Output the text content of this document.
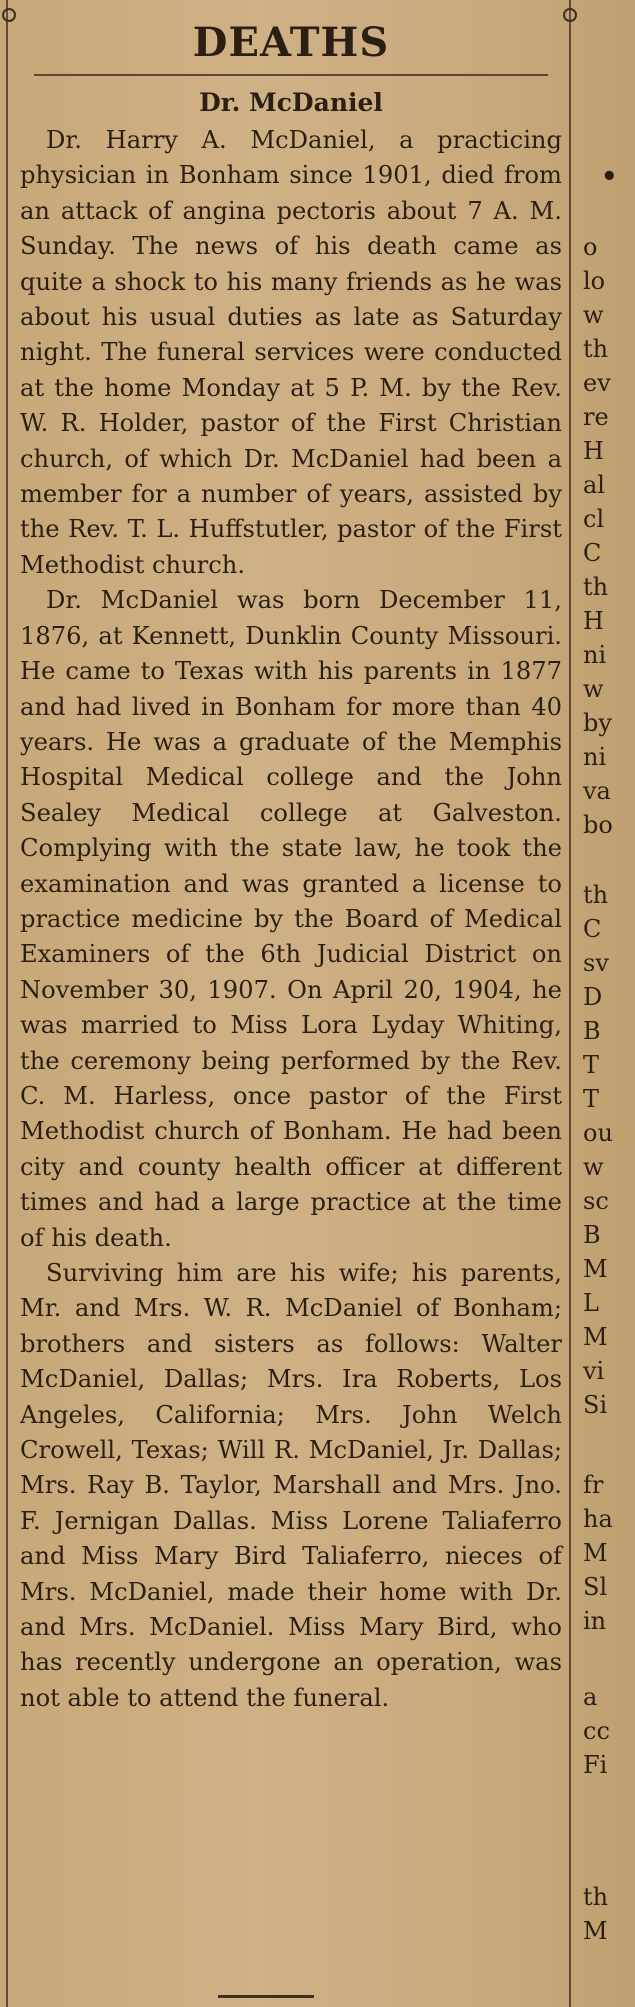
DEATHS
Dr. McDaniel

Dr. Harry A. McDaniel, a practicing physician in Bonham since 1901, died from an attack of angina pectoris about 7 A. M. Sunday. The news of his death came as quite a shock to his many friends as he was about his usual duties as late as Saturday night. The funeral services were conducted at the home Monday at 5 P. M. by the Rev. W. R. Holder, pastor of the First Christian church, of which Dr. McDaniel had been a member for a number of years, assisted by the Rev. T. L. Huffstutler, pastor of the First Methodist church.

Dr. McDaniel was born December 11, 1876, at Kennett, Dunklin County Missouri. He came to Texas with his parents in 1877 and had lived in Bonham for more than 40 years. He was a graduate of the Memphis Hospital Medical college and the John Sealey Medical college at Galveston. Complying with the state law, he took the examination and was granted a license to practice medicine by the Board of Medical Examiners of the 6th Judicial District on November 30, 1907. On April 20, 1904, he was married to Miss Lora Lyday Whiting, the ceremony being performed by the Rev. C. M. Harless, once pastor of the First Methodist church of Bonham. He had been city and county health officer at different times and had a large practice at the time of his death.

Surviving him are his wife; his parents, Mr. and Mrs. W. R. McDaniel of Bonham; brothers and sisters as follows: Walter McDaniel, Dallas; Mrs. Ira Roberts, Los Angeles, California; Mrs. John Welch Crowell, Texas; Will R. McDaniel, Jr. Dallas; Mrs. Ray B. Taylor, Marshall and Mrs. Jno. F. Jernigan Dallas. Miss Lorene Taliaferro and Miss Mary Bird Taliaferro, nieces of Mrs. McDaniel, made their home with Dr. and Mrs. McDaniel. Miss Mary Bird, who has recently undergone an operation, was not able to attend the funeral.

•
o
lo
w
th
ev
re
H
al
cl
C
th
H
ni
w
by
ni
va
bo
th
C
sv
D
B
T
T
ou
w
sc
B
M
L
M
vi
Si
fr
ha
M
Sl
in
a
cc
Fi
th
M
